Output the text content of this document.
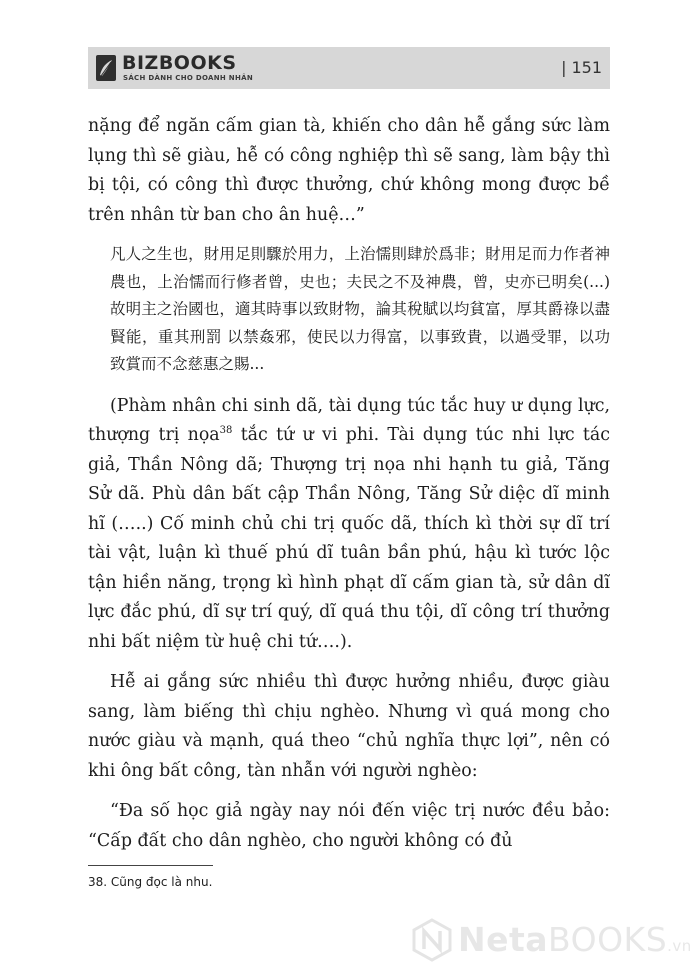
BIZBOOKS
SÁCH DÀNH CHO DOANH NHÂN
| 151

nặng để ngăn cấm gian tà, khiến cho dân hễ gắng sức làm lụng thì sẽ giàu, hễ có công nghiệp thì sẽ sang, làm bậy thì bị tội, có công thì được thưởng, chứ không mong được bề trên nhân từ ban cho ân huệ…”

凡人之生也，財用足則驟於用力，上治懦則肆於爲非；財用足而力作者神農也，上治懦而行修者曾，史也；夫民之不及神農，曾，史亦已明矣(...)故明主之治國也，適其時事以致財物，論其稅賦以均貧富，厚其爵祿以盡賢能，重其刑罰 以禁姦邪，使民以力得富，以事致貴，以過受罪，以功致賞而不念慈惠之賜...

(Phàm nhân chi sinh dã, tài dụng túc tắc huy ư dụng lực, thượng trị nọa$^{38}$ tắc tứ ư vi phi. Tài dụng túc nhi lực tác giả, Thần Nông dã; Thượng trị nọa nhi hạnh tu giả, Tăng Sử dã. Phù dân bất cập Thần Nông, Tăng Sử diệc dĩ minh hĩ (…..) Cố minh chủ chi trị quốc dã, thích kì thời sự dĩ trí tài vật, luận kì thuế phú dĩ tuân bần phú, hậu kì tước lộc tận hiền năng, trọng kì hình phạt dĩ cấm gian tà, sử dân dĩ lực đắc phú, dĩ sự trí quý, dĩ quá thu tội, dĩ công trí thưởng nhi bất niệm từ huệ chi tứ….).

Hễ ai gắng sức nhiều thì được hưởng nhiều, được giàu sang, làm biếng thì chịu nghèo. Nhưng vì quá mong cho nước giàu và mạnh, quá theo “chủ nghĩa thực lợi”, nên có khi ông bất công, tàn nhẫn với người nghèo:

“Đa số học giả ngày nay nói đến việc trị nước đều bảo: “Cấp đất cho dân nghèo, cho người không có đủ

38. Cũng đọc là nhu.
NetaBOOKS.vn
